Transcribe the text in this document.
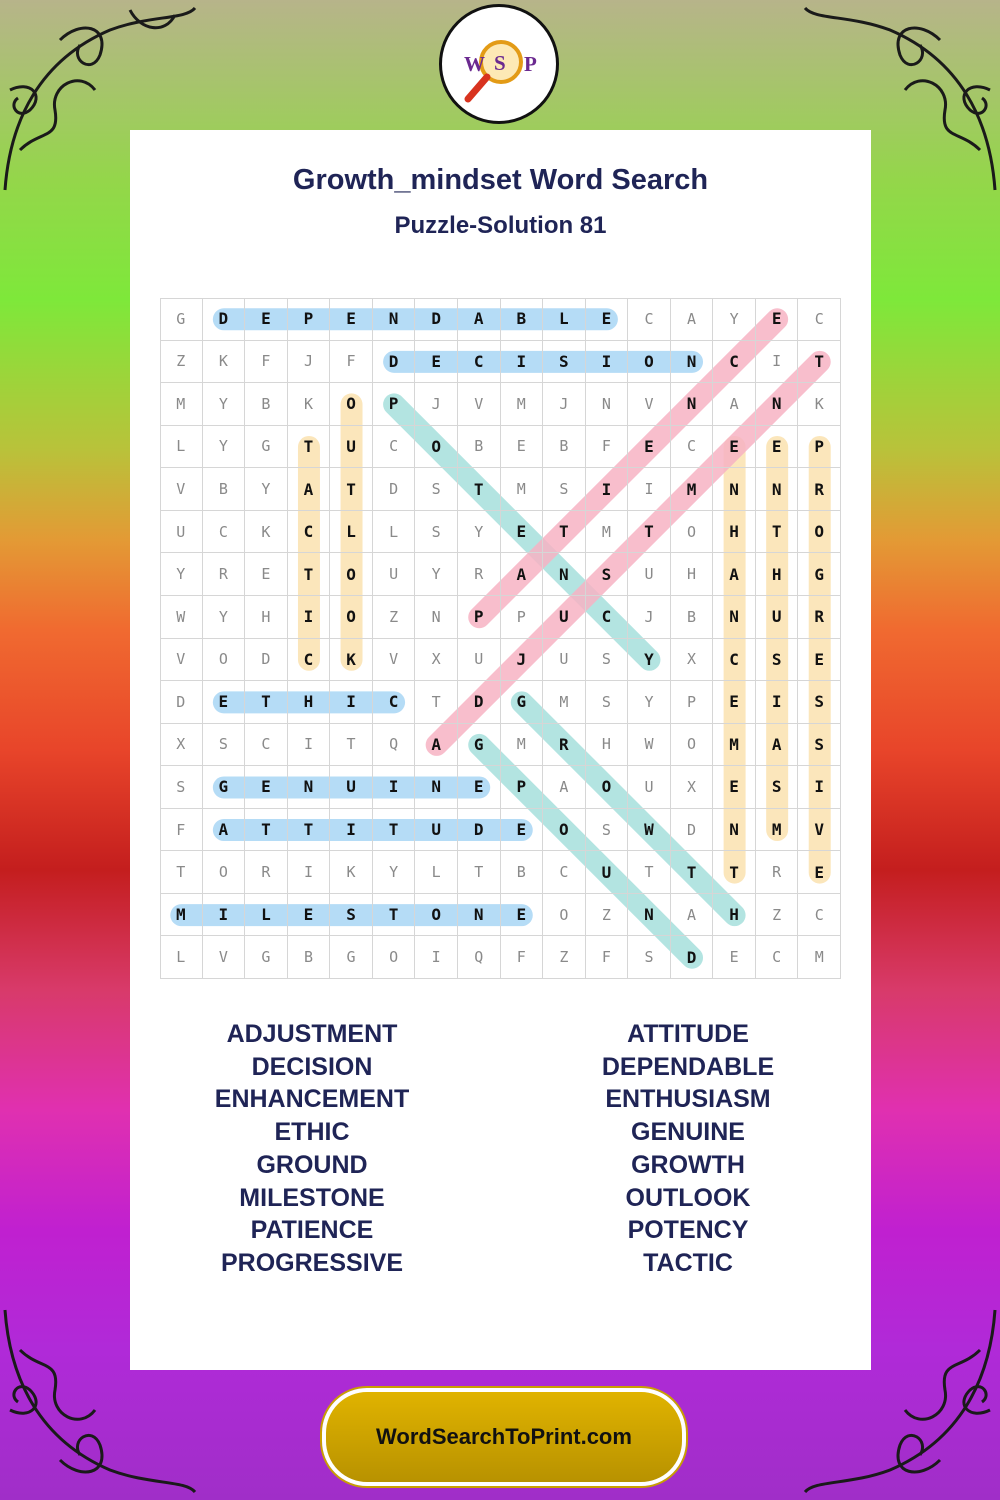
W S P
Growth_mindset Word Search
Puzzle-Solution 81
G	D	E	P	E	N	D	A	B	L	E	C	A	Y	E	C
Z	K	F	J	F	D	E	C	I	S	I	O	N	C	I	T
M	Y	B	K	O	P	J	V	M	J	N	V	N	A	N	K
L	Y	G	T	U	C	O	B	E	B	F	E	C	E	E	P
V	B	Y	A	T	D	S	T	M	S	I	I	M	N	N	R
U	C	K	C	L	L	S	Y	E	T	M	T	O	H	T	O
Y	R	E	T	O	U	Y	R	A	N	S	U	H	A	H	G
W	Y	H	I	O	Z	N	P	P	U	C	J	B	N	U	R
V	O	D	C	K	V	X	U	J	U	S	Y	X	C	S	E
D	E	T	H	I	C	T	D	G	M	S	Y	P	E	I	S
X	S	C	I	T	Q	A	G	M	R	H	W	O	M	A	S
S	G	E	N	U	I	N	E	P	A	O	U	X	E	S	I
F	A	T	T	I	T	U	D	E	O	S	W	D	N	M	V
T	O	R	I	K	Y	L	T	B	C	U	T	T	T	R	E
M	I	L	E	S	T	O	N	E	O	Z	N	A	H	Z	C
L	V	G	B	G	O	I	Q	F	Z	F	S	D	E	C	M
ADJUSTMENT
DECISION
ENHANCEMENT
ETHIC
GROUND
MILESTONE
PATIENCE
PROGRESSIVE
ATTITUDE
DEPENDABLE
ENTHUSIASM
GENUINE
GROWTH
OUTLOOK
POTENCY
TACTIC
WordSearchToPrint.com
